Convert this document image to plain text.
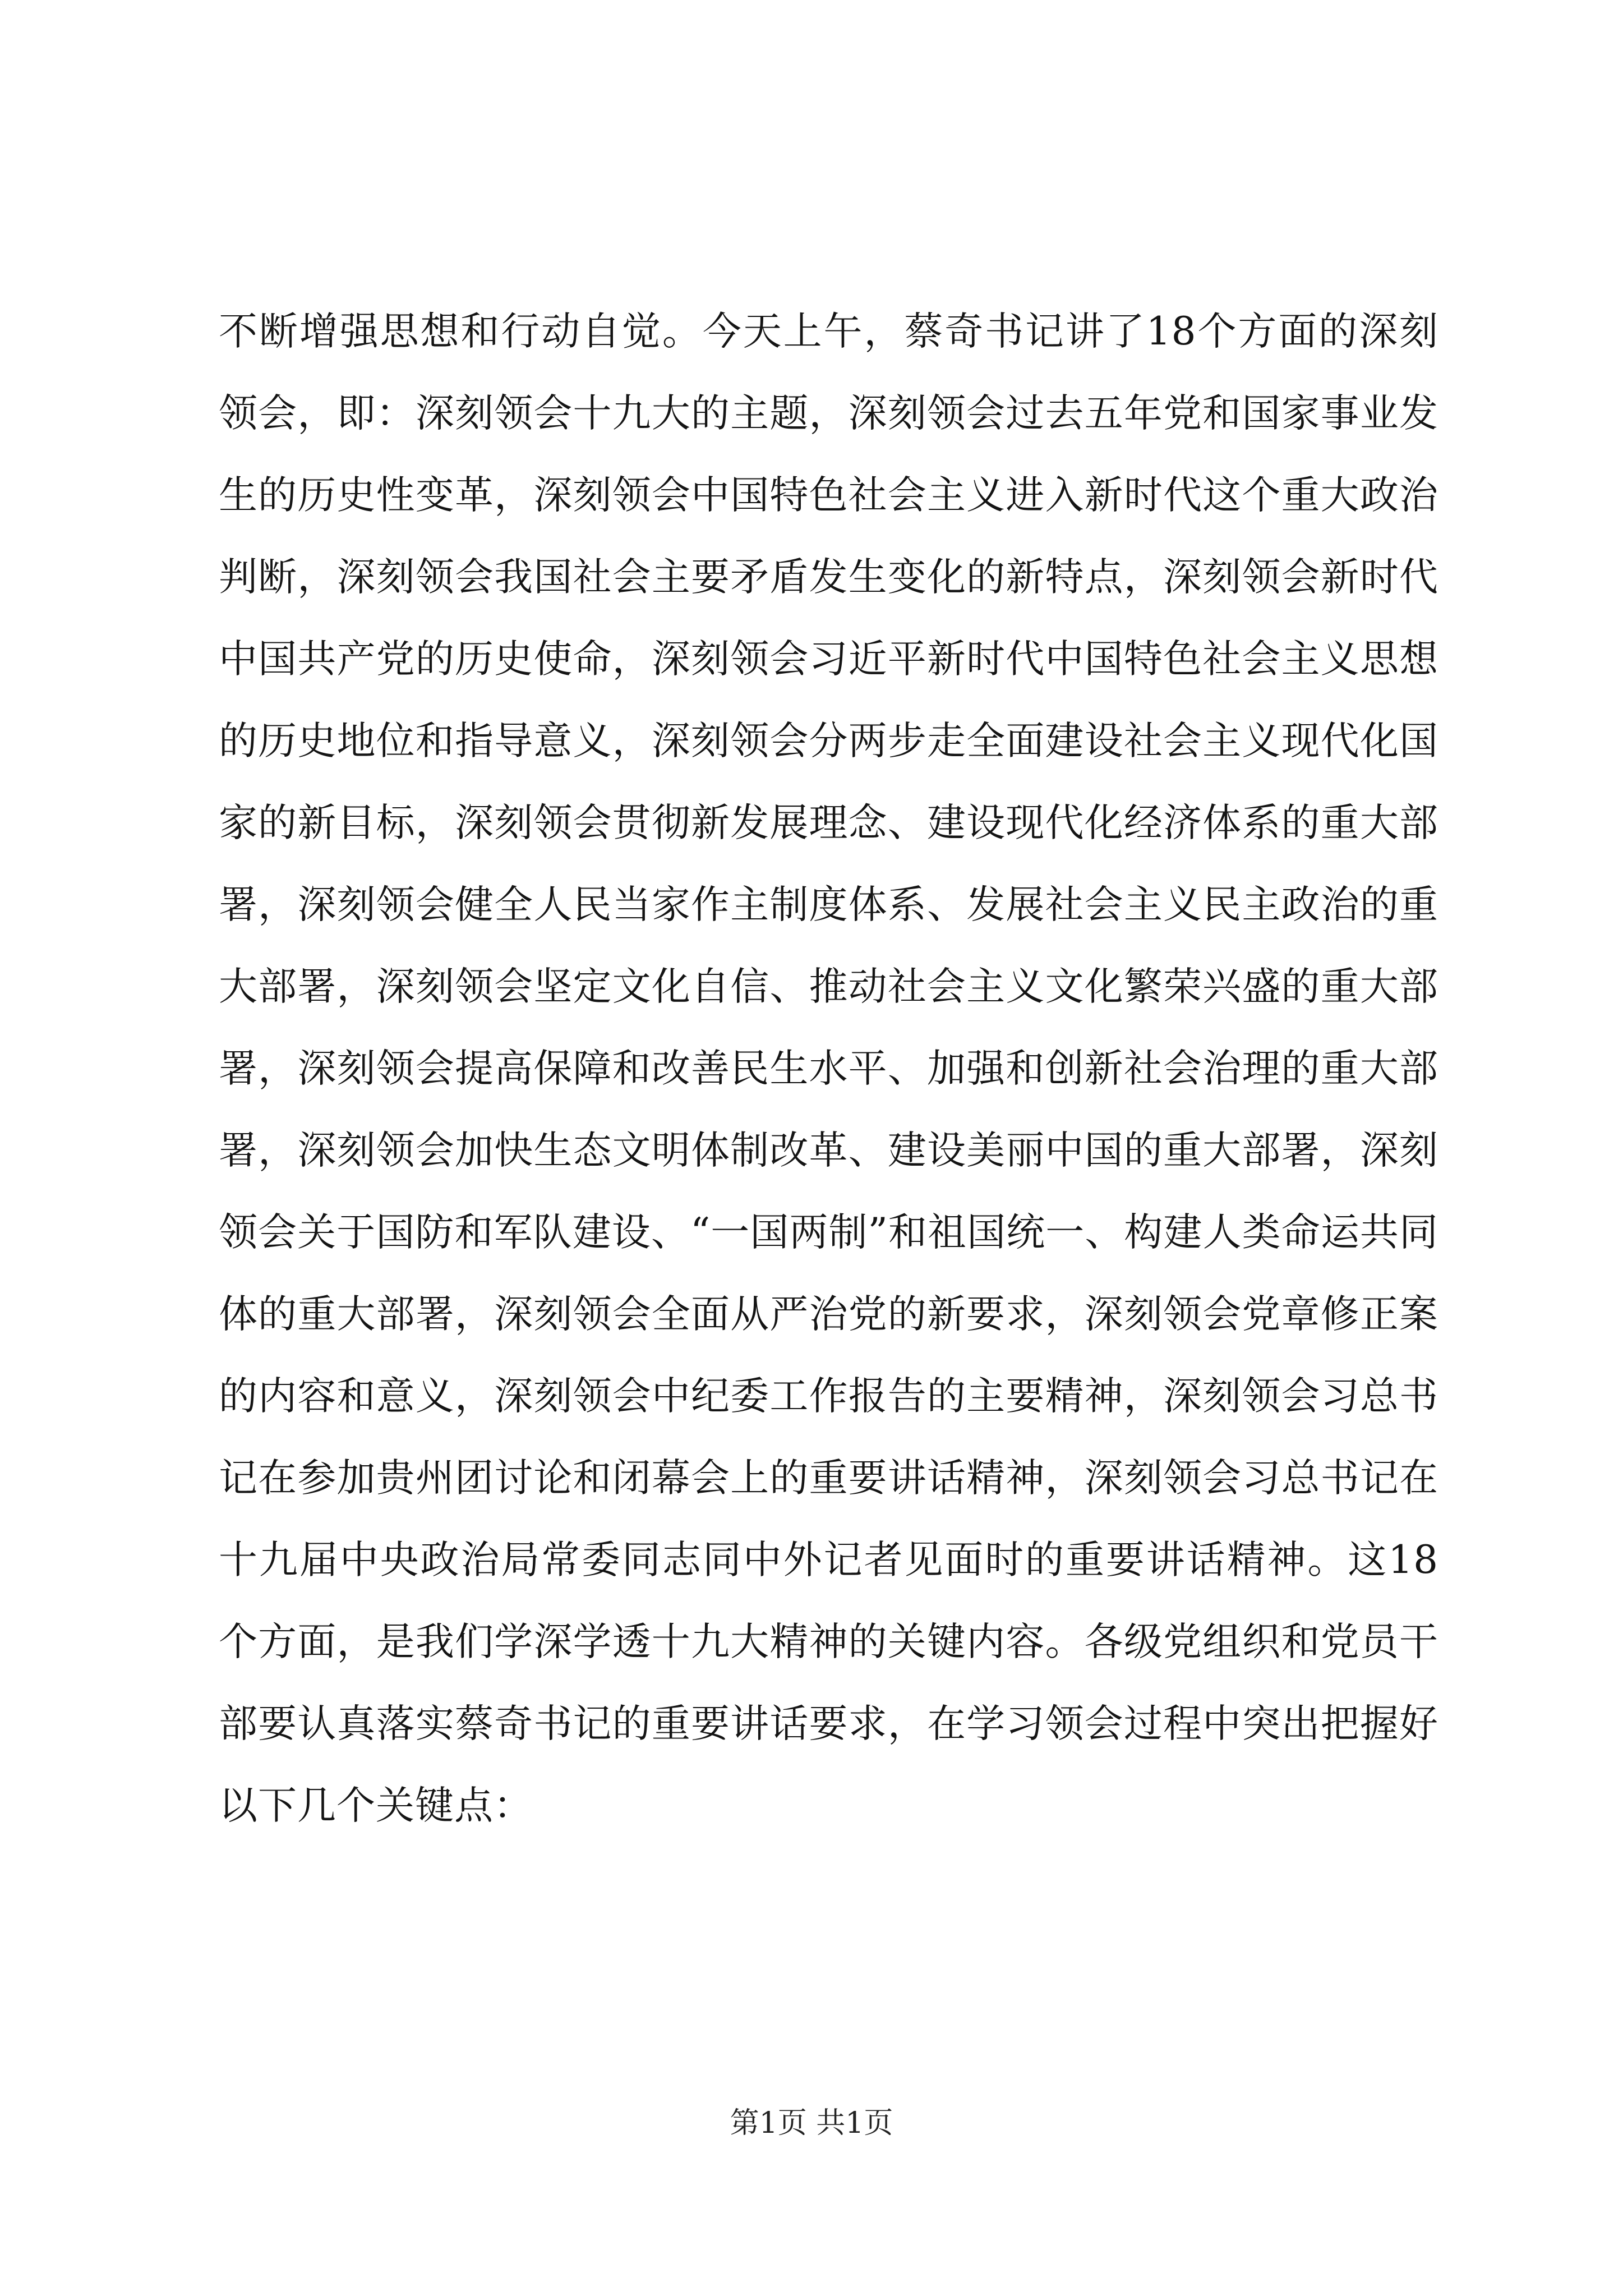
不断增强思想和行动自觉。今天上午，蔡奇书记讲了18个方面的深刻领会，即：深刻领会十九大的主题，深刻领会过去五年党和国家事业发生的历史性变革，深刻领会中国特色社会主义进入新时代这个重大政治判断，深刻领会我国社会主要矛盾发生变化的新特点，深刻领会新时代中国共产党的历史使命，深刻领会习近平新时代中国特色社会主义思想的历史地位和指导意义，深刻领会分两步走全面建设社会主义现代化国家的新目标，深刻领会贯彻新发展理念、建设现代化经济体系的重大部署，深刻领会健全人民当家作主制度体系、发展社会主义民主政治的重大部署，深刻领会坚定文化自信、推动社会主义文化繁荣兴盛的重大部署，深刻领会提高保障和改善民生水平、加强和创新社会治理的重大部署，深刻领会加快生态文明体制改革、建设美丽中国的重大部署，深刻领会关于国防和军队建设、“一国两制”和祖国统一、构建人类命运共同体的重大部署，深刻领会全面从严治党的新要求，深刻领会党章修正案的内容和意义，深刻领会中纪委工作报告的主要精神，深刻领会习总书记在参加贵州团讨论和闭幕会上的重要讲话精神，深刻领会习总书记在十九届中央政治局常委同志同中外记者见面时的重要讲话精神。这18个方面，是我们学深学透十九大精神的关键内容。各级党组织和党员干部要认真落实蔡奇书记的重要讲话要求，在学习领会过程中突出把握好以下几个关键点：

第1页 共1页
